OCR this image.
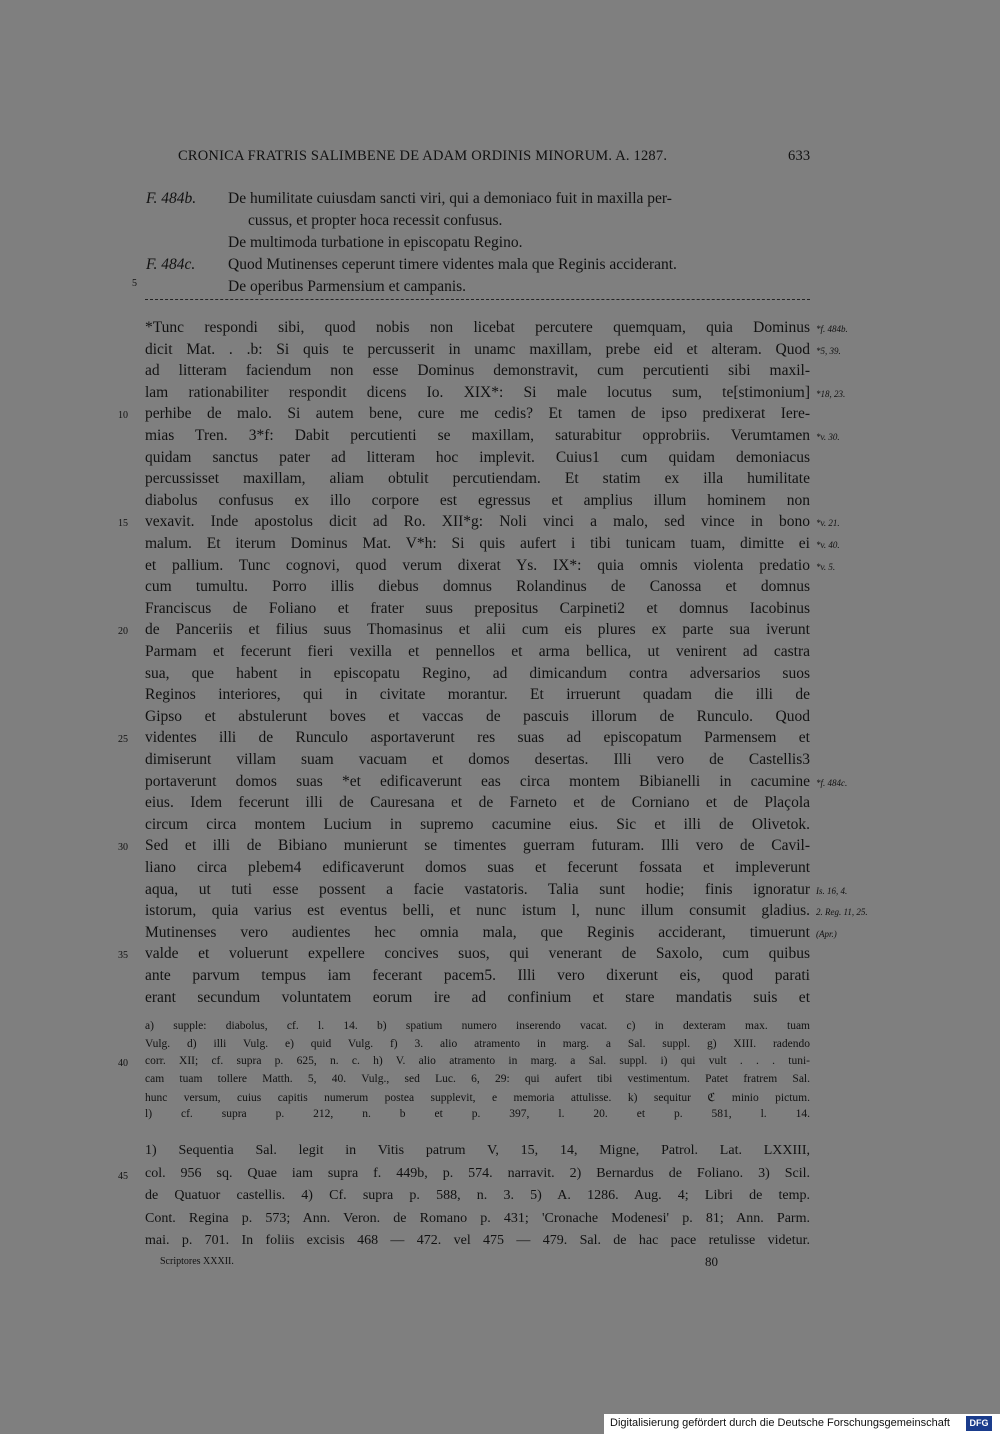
CRONICA FRATRIS SALIMBENE DE ADAM ORDINIS MINORUM. A. 1287.	633
F. 484b. De humilitate cuiusdam sancti viri, qui a demoniaco fuit in maxilla per-
cussus, et propter hoca recessit confusus.
De multimoda turbatione in episcopatu Regino.
F. 484c. Quod Mutinenses ceperunt timere videntes mala que Reginis acciderant.
5	De operibus Parmensium et campanis.
*Tunc respondi sibi, quod nobis non licebat percutere quemquam, quia Dominus *f. 484b.
dicit Mat. . .b: Si quis te percusserit in unamc maxillam, prebe eid et alteram. Quod *5, 39.
ad litteram faciendum non esse Dominus demonstravit, cum percutienti sibi maxil-
lam rationabiliter respondit dicens Io. XIX*: Si male locutus sum, te[stimonium] *18, 23.
perhibe de malo. Si autem bene, cure me cedis? Et tamen de ipso predixerat Iere-
10
mias Tren. 3*f: Dabit percutienti se maxillam, saturabitur opprobriis. Verumtamen *v. 30.
quidam sanctus pater ad litteram hoc implevit. Cuius1 cum quidam demoniacus
percussisset maxillam, aliam obtulit percutiendam. Et statim ex illa humilitate
diabolus confusus ex illo corpore est egressus et amplius illum hominem non
vexavit. Inde apostolus dicit ad Ro. XII*g: Noli vinci a malo, sed vince in bono
15	*v. 21.
malum. Et iterum Dominus Mat. V*h: Si quis aufert i tibi tunicam tuam, dimitte ei *v. 40.
et pallium. Tunc cognovi, quod verum dixerat Ys. IX*: quia omnis violenta predatio *v. 5.
cum tumultu. Porro illis diebus domnus Rolandinus de Canossa et domnus
Franciscus de Foliano et frater suus prepositus Carpineti2 et domnus Iacobinus
de Panceriis et filius suus Thomasinus et alii cum eis plures ex parte sua iverunt
20
Parmam et fecerunt fieri vexilla et pennellos et arma bellica, ut venirent ad castra
sua, que habent in episcopatu Regino, ad dimicandum contra adversarios suos
Reginos interiores, qui in civitate morantur. Et irruerunt quadam die illi de
Gipso et abstulerunt boves et vaccas de pascuis illorum de Runculo. Quod
videntes illi de Runculo asportaverunt res suas ad episcopatum Parmensem et
25
dimiserunt villam suam vacuam et domos desertas. Illi vero de Castellis3
portaverunt domos suas *et edificaverunt eas circa montem Bibianelli in cacumine *f. 484c.
eius. Idem fecerunt illi de Cauresana et de Farneto et de Corniano et de Plaçola
circum circa montem Lucium in supremo cacumine eius. Sic et illi de Olivetok.
Sed et illi de Bibiano munierunt se timentes guerram futuram. Illi vero de Cavil-
30
liano circa plebem4 edificaverunt domos suas et fecerunt fossata et impleverunt
aqua, ut tuti esse possent a facie vastatoris. Talia sunt hodie; finis ignoratur Is. 16, 4.
istorum, quia varius est eventus belli, et nunc istum l, nunc illum consumit gladius. 2. Reg. 11, 25.
Mutinenses vero audientes hec omnia mala, que Reginis acciderant, timuerunt (Apr.)
valde et voluerunt expellere concives suos, qui venerant de Saxolo, cum quibus
35
ante parvum tempus iam fecerant pacem5. Illi vero dixerunt eis, quod parati
erant secundum voluntatem eorum ire ad confinium et stare mandatis suis et
a) supple: diabolus, cf. l. 14. b) spatium numero inserendo vacat. c) in dexteram max. tuam
Vulg. d) illi Vulg. e) quid Vulg. f) 3. alio atramento in marg. a Sal. suppl. g) XIII. radendo
corr. XII; cf. supra p. 625, n. c. h) V. alio atramento in marg. a Sal. suppl. i) qui vult . . . tuni-
40
cam tuam tollere Matth. 5, 40. Vulg., sed Luc. 6, 29: qui aufert tibi vestimentum. Patet fratrem Sal.
hunc versum, cuius capitis numerum postea supplevit, e memoria attulisse. k) sequitur ℭ minio pictum.
l) cf. supra p. 212, n. b et p. 397, l. 20. et p. 581, l. 14.
1) Sequentia Sal. legit in Vitis patrum V, 15, 14, Migne, Patrol. Lat. LXXIII,
col. 956 sq. Quae iam supra f. 449b, p. 574. narravit. 2) Bernardus de Foliano. 3) Scil.
45
de Quatuor castellis. 4) Cf. supra p. 588, n. 3. 5) A. 1286. Aug. 4; Libri de temp.
Cont. Regina p. 573; Ann. Veron. de Romano p. 431; 'Cronache Modenesi' p. 81; Ann. Parm.
mai. p. 701. In foliis excisis 468 — 472. vel 475 — 479. Sal. de hac pace retulisse videtur.
Scriptores XXXII.	80
Digitalisierung gefördert durch die Deutsche Forschungsgemeinschaft	DFG
